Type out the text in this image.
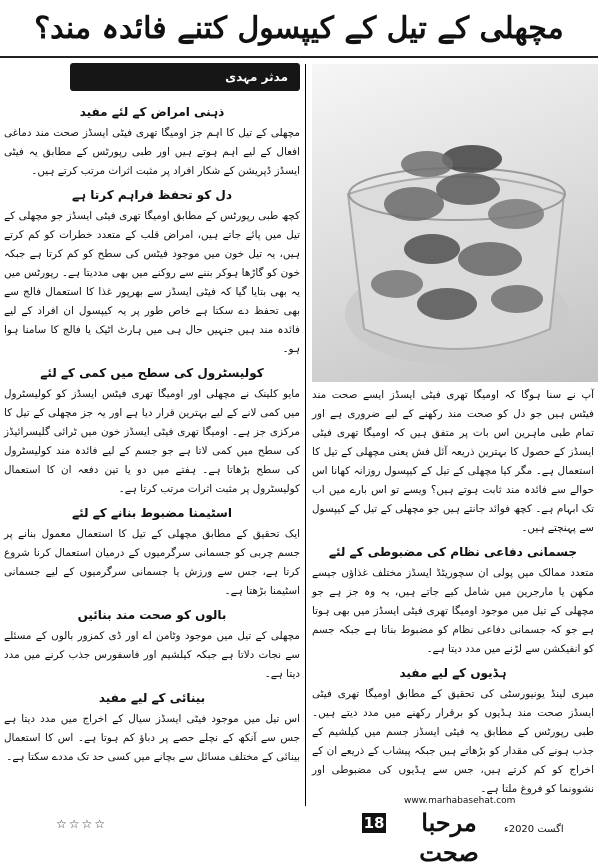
مچھلی کے تیل کے کیپسول کتنے فائدہ مند؟
مدثر مہدی
ذہنی امراض کے لئے مفید

مچھلی کے تیل کا اہم جز اومیگا تھری فیٹی ایسڈز صحت مند دماغی افعال کے لیے اہم ہوتے ہیں اور طبی رپورٹس کے مطابق یہ فیٹی ایسڈز ڈپریشن کے شکار افراد پر مثبت اثرات مرتب کرتے ہیں۔

دل کو تحفظ فراہم کرتا ہے

کچھ طبی رپورٹس کے مطابق اومیگا تھری فیٹی ایسڈز جو مچھلی کے تیل میں پائے جاتے ہیں، امراض قلب کے متعدد خطرات کو کم کرتے ہیں، یہ تیل خون میں موجود فیٹس کی سطح کو کم کرتا ہے جبکہ خون کو گاڑھا ہوکر بننے سے روکنے میں بھی مددیتا ہے۔ رپورٹس میں یہ بھی بتایا گیا کہ فیٹی ایسڈز سے بھرپور غذا کا استعمال فالج سے بھی تحفظ دے سکتا ہے خاص طور پر یہ کیپسول ان افراد کے لیے فائدہ مند ہیں جنہیں حال ہی میں ہارٹ اٹیک یا فالج کا سامنا ہوا ہو۔

کولیسٹرول کی سطح میں کمی کے لئے

مایو کلینک نے مچھلی اور اومیگا تھری فیٹس ایسڈز کو کولیسٹرول میں کمی لانے کے لیے بہترین قرار دیا ہے اور یہ جز مچھلی کے تیل کا مرکزی جز ہے۔ اومیگا تھری فیٹی ایسڈز خون میں ٹرائی گلیسرائیڈز کی سطح میں کمی لاتا ہے جو جسم کے لیے فائدہ مند کولیسٹرول کی سطح بڑھاتا ہے۔ ہفتے میں دو یا تین دفعہ ان کا استعمال کولیسٹرول پر مثبت اثرات مرتب کرتا ہے۔

اسٹیمنا مضبوط بنانے کے لئے

ایک تحقیق کے مطابق مچھلی کے تیل کا استعمال معمول بنانے پر جسم چربی کو جسمانی سرگرمیوں کے درمیان استعمال کرنا شروع کرتا ہے، جس سے ورزش یا جسمانی سرگرمیوں کے لیے جسمانی اسٹیمنا بڑھتا ہے۔

بالوں کو صحت مند بنائیں

مچھلی کے تیل میں موجود وٹامن اے اور ڈی کمزور بالوں کے مسئلے سے نجات دلاتا ہے جبکہ کیلشیم اور فاسفورس جذب کرنے میں مدد دیتا ہے۔

بینائی کے لیے مفید

اس تیل میں موجود فیٹی ایسڈز سیال کے اخراج میں مدد دیتا ہے جس سے آنکھ کے نچلے حصے پر دباؤ کم ہوتا ہے۔ اس کا استعمال بینائی کے مختلف مسائل سے بچانے میں کسی حد تک مددے سکتا ہے۔

☆☆☆☆

آپ نے سنا ہوگا کہ اومیگا تھری فیٹی ایسڈز ایسے صحت مند فیٹس ہیں جو دل کو صحت مند رکھنے کے لیے ضروری ہے اور تمام طبی ماہرین اس بات پر متفق ہیں کہ اومیگا تھری فیٹی ایسڈز کے حصول کا بہترین ذریعہ آئل فش یعنی مچھلی کے تیل کا استعمال ہے۔ مگر کیا مچھلی کے تیل کے کیپسول روزانہ کھانا اس حوالے سے فائدہ مند ثابت ہوتے ہیں؟ ویسے تو اس بارے میں اب تک ابہام ہے۔ کچھ فوائد جانتے ہیں جو مچھلی کے تیل کے کیپسول سے پہنچتے ہیں۔

جسمانی دفاعی نظام کی مضبوطی کے لئے

متعدد ممالک میں پولی ان سچوریٹڈ ایسڈز مختلف غذاؤں جیسے مکھن یا مارجرین میں شامل کیے جاتے ہیں، یہ وہ جز ہے جو مچھلی کے تیل میں موجود اومیگا تھری فیٹی ایسڈز میں بھی ہوتا ہے جو کہ جسمانی دفاعی نظام کو مضبوط بناتا ہے جبکہ جسم کو انفیکشن سے لڑنے میں مدد دیتا ہے۔

ہڈیوں کے لیے مفید

میری لینڈ یونیورسٹی کی تحقیق کے مطابق اومیگا تھری فیٹی ایسڈز صحت مند ہڈیوں کو برقرار رکھنے میں مدد دیتے ہیں۔ طبی رپورٹس کے مطابق یہ فیٹی ایسڈز جسم میں کیلشیم کے جذب ہونے کی مقدار کو بڑھاتے ہیں جبکہ پیشاب کے ذریعے ان کے اخراج کو کم کرتے ہیں، جس سے ہڈیوں کی مضبوطی اور نشوونما کو فروغ ملتا ہے۔

www.marhabasehat.com
18	مرحبا صحت
اگست 2020ء
